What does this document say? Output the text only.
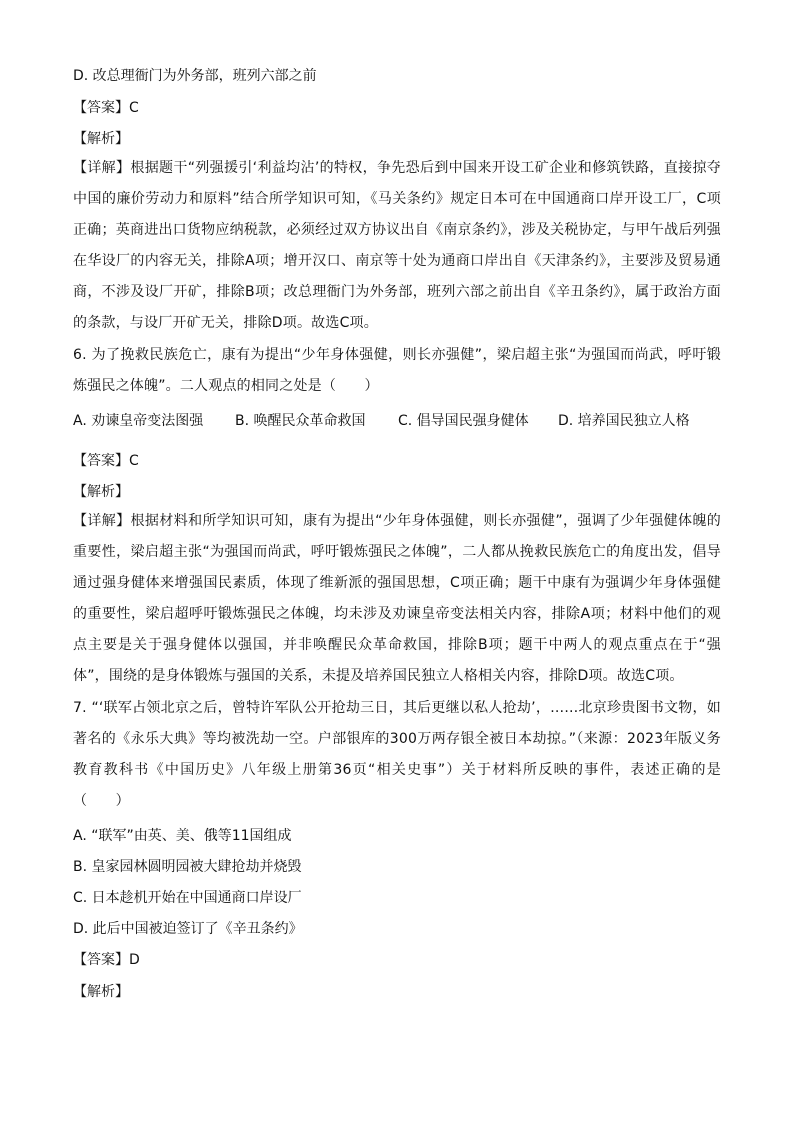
D. 改总理衙门为外务部，班列六部之前
【答案】C
【解析】
【详解】根据题干“列强援引‘利益均沾’的特权，争先恐后到中国来开设工矿企业和修筑铁路，直接掠夺中国的廉价劳动力和原料”结合所学知识可知，《马关条约》规定日本可在中国通商口岸开设工厂，C项正确；英商进出口货物应纳税款，必须经过双方协议出自《南京条约》，涉及关税协定，与甲午战后列强在华设厂的内容无关，排除A项；增开汉口、南京等十处为通商口岸出自《天津条约》，主要涉及贸易通商，不涉及设厂开矿，排除B项；改总理衙门为外务部，班列六部之前出自《辛丑条约》，属于政治方面的条款，与设厂开矿无关，排除D项。故选C项。
6. 为了挽救民族危亡，康有为提出“少年身体强健，则长亦强健”，梁启超主张“为强国而尚武，呼吁锻炼强民之体魄”。二人观点的相同之处是（　　）
A. 劝谏皇帝变法图强 B. 唤醒民众革命救国 C. 倡导国民强身健体 D. 培养国民独立人格
【答案】C
【解析】
【详解】根据材料和所学知识可知，康有为提出“少年身体强健，则长亦强健”，强调了少年强健体魄的重要性，梁启超主张“为强国而尚武，呼吁锻炼强民之体魄”，二人都从挽救民族危亡的角度出发，倡导通过强身健体来增强国民素质，体现了维新派的强国思想，C项正确；题干中康有为强调少年身体强健的重要性，梁启超呼吁锻炼强民之体魄，均未涉及劝谏皇帝变法相关内容，排除A项；材料中他们的观点主要是关于强身健体以强国，并非唤醒民众革命救国，排除B项；题干中两人的观点重点在于“强体”，围绕的是身体锻炼与强国的关系，未提及培养国民独立人格相关内容，排除D项。故选C项。
7. “‘联军占领北京之后，曾特许军队公开抢劫三日，其后更继以私人抢劫’，……北京珍贵图书文物，如著名的《永乐大典》等均被洗劫一空。户部银库的300万两存银全被日本劫掠。”（来源：2023年版义务教育教科书《中国历史》八年级上册第36页“相关史事”）关于材料所反映的事件，表述正确的是（　　）
A. “联军”由英、美、俄等11国组成
B. 皇家园林圆明园被大肆抢劫并烧毁
C. 日本趁机开始在中国通商口岸设厂
D. 此后中国被迫签订了《辛丑条约》
【答案】D
【解析】
